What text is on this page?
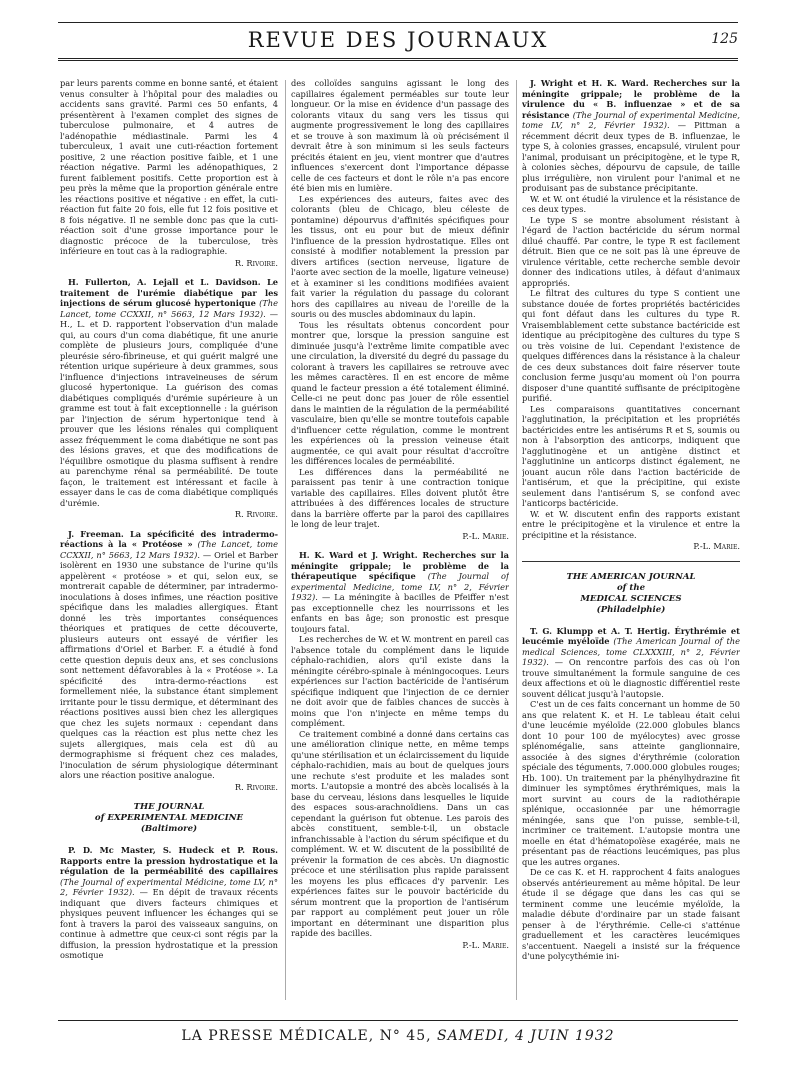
REVUE DES JOURNAUX	125

par leurs parents comme en bonne santé, et étaient venus consulter à l'hôpital pour des maladies ou accidents sans gravité. Parmi ces 50 enfants, 4 présentèrent à l'examen complet des signes de tuberculose pulmonaire, et 4 autres de l'adénopathie médiastinale. Parmi les 4 tuberculeux, 1 avait une cuti-réaction fortement positive, 2 une réaction positive faible, et 1 une réaction négative. Parmi les adénopathiques, 2 furent faiblement positifs. Cette proportion est à peu près la même que la proportion générale entre les réactions positive et négative : en effet, la cuti-réaction fut faite 20 fois, elle fut 12 fois positive et 8 fois négative. Il ne semble donc pas que la cuti-réaction soit d'une grosse importance pour le diagnostic précoce de la tuberculose, très inférieure en tout cas à la radiographie.

R. Rivoire.

H. Fullerton, A. Lejall et L. Davidson. Le traitement de l'urémie diabétique par les injections de sérum glucosé hypertonique (The Lancet, tome CCXXII, n° 5663, 12 Mars 1932). — H., L. et D. rapportent l'observation d'un malade qui, au cours d'un coma diabétique, fit une anurie complète de plusieurs jours, compliquée d'une pleurésie séro-fibrineuse, et qui guérit malgré une rétention urique supérieure à deux grammes, sous l'influence d'injections intraveineuses de sérum glucosé hypertonique. La guérison des comas diabétiques compliqués d'urémie supérieure à un gramme est tout à fait exceptionnelle : la guérison par l'injection de sérum hypertonique tend à prouver que les lésions rénales qui compliquent assez fréquemment le coma diabétique ne sont pas des lésions graves, et que des modifications de l'équilibre osmotique du plasma suffisent à rendre au parenchyme rénal sa perméabilité. De toute façon, le traitement est intéressant et facile à essayer dans le cas de coma diabétique compliqués d'urémie.

R. Rivoire.

J. Freeman. La spécificité des intradermo-réactions à la « Protéose » (The Lancet, tome CCXXII, n° 5663, 12 Mars 1932). — Oriel et Barber isolèrent en 1930 une substance de l'urine qu'ils appelèrent « protéose » et qui, selon eux, se montrerait capable de déterminer, par intradermo-inoculations à doses infimes, une réaction positive spécifique dans les maladies allergiques. Étant donné les très importantes conséquences théoriques et pratiques de cette découverte, plusieurs auteurs ont essayé de vérifier les affirmations d'Oriel et Barber. F. a étudié à fond cette question depuis deux ans, et ses conclusions sont nettement défavorables à la « Protéose ». La spécificité des intra-dermo-réactions est formellement niée, la substance étant simplement irritante pour le tissu dermique, et déterminant des réactions positives aussi bien chez les allergiques que chez les sujets normaux : cependant dans quelques cas la réaction est plus nette chez les sujets allergiques, mais cela est dû au dermographisme si fréquent chez ces malades, l'inoculation de sérum physiologique déterminant alors une réaction positive analogue.

R. Rivoire.
THE JOURNAL
of EXPERIMENTAL MEDICINE
(Baltimore)

P. D. Mc Master, S. Hudeck et P. Rous. Rapports entre la pression hydrostatique et la régulation de la perméabilité des capillaires (The Journal of experimental Médicine, tome LV, n° 2, Février 1932). — En dépit de travaux récents indiquant que divers facteurs chimiques et physiques peuvent influencer les échanges qui se font à travers la paroi des vaisseaux sanguins, on continue à admettre que ceux-ci sont régis par la diffusion, la pression hydrostatique et la pression osmotique

des colloïdes sanguins agissant le long des capillaires également perméables sur toute leur longueur. Or la mise en évidence d'un passage des colorants vitaux du sang vers les tissus qui augmente progressivement le long des capillaires et se trouve à son maximum là où précisément il devrait être à son minimum si les seuls facteurs précités étaient en jeu, vient montrer que d'autres influences s'exercent dont l'importance dépasse celle de ces facteurs et dont le rôle n'a pas encore été bien mis en lumière.

Les expériences des auteurs, faites avec des colorants (bleu de Chicago, bleu céleste de pontamine) dépourvus d'affinités spécifiques pour les tissus, ont eu pour but de mieux définir l'influence de la pression hydrostatique. Elles ont consisté à modifier notablement la pression par divers artifices (section nerveuse, ligature de l'aorte avec section de la moelle, ligature veineuse) et à examiner si les conditions modifiées avaient fait varier la régulation du passage du colorant hors des capillaires au niveau de l'oreille de la souris ou des muscles abdominaux du lapin.

Tous les résultats obtenus concordent pour montrer que, lorsque la pression sanguine est diminuée jusqu'à l'extrême limite compatible avec une circulation, la diversité du degré du passage du colorant à travers les capillaires se retrouve avec les mêmes caractères. Il en est encore de même quand le facteur pression a été totalement éliminé. Celle-ci ne peut donc pas jouer de rôle essentiel dans le maintien de la régulation de la perméabilité vasculaire, bien qu'elle se montre toutefois capable d'influencer cette régulation, comme le montrent les expériences où la pression veineuse était augmentée, ce qui avait pour résultat d'accroître les différences locales de perméabilité.

Les différences dans la perméabilité ne paraissent pas tenir à une contraction tonique variable des capillaires. Elles doivent plutôt être attribuées à des différences locales de structure dans la barrière offerte par la paroi des capillaires le long de leur trajet.

P.-L. Marie.

H. K. Ward et J. Wright. Recherches sur la méningite grippale; le problème de la thérapeutique spécifique (The Journal of experimental Medicine, tome LV, n° 2, Février 1932). — La méningite à bacilles de Pfeiffer n'est pas exceptionnelle chez les nourrissons et les enfants en bas âge; son pronostic est presque toujours fatal.

Les recherches de W. et W. montrent en pareil cas l'absence totale du complément dans le liquide céphalo-rachidien, alors qu'il existe dans la méningite cérébro-spinale à méningocoques. Leurs expériences sur l'action bactéricide de l'antisérum spécifique indiquent que l'injection de ce dernier ne doit avoir que de faibles chances de succès à moins que l'on n'injecte en même temps du complément.

Ce traitement combiné a donné dans certains cas une amélioration clinique nette, en même temps qu'une stérilisation et un éclaircissement du liquide céphalo-rachidien, mais au bout de quelques jours une rechute s'est produite et les malades sont morts. L'autopsie a montré des abcès localisés à la base du cerveau, lésions dans lesquelles le liquide des espaces sous-arachnoïdiens. Dans un cas cependant la guérison fut obtenue. Les parois des abcès constituent, semble-t-il, un obstacle infranchissable à l'action du sérum spécifique et du complément. W. et W. discutent de la possibilité de prévenir la formation de ces abcès. Un diagnostic précoce et une stérilisation plus rapide paraissent les moyens les plus efficaces d'y parvenir. Les expériences faites sur le pouvoir bactéricide du sérum montrent que la proportion de l'antisérum par rapport au complément peut jouer un rôle important en déterminant une disparition plus rapide des bacilles.

P.-L. Marie.

J. Wright et H. K. Ward. Recherches sur la méningite grippale; le problème de la virulence du « B. influenzae » et de sa résistance (The Journal of experimental Medicine, tome LV, n° 2, Février 1932). — Pittman a récemment décrit deux types de B. influenzae, le type S, à colonies grasses, encapsulé, virulent pour l'animal, produisant un précipitogène, et le type R, à colonies sèches, dépourvu de capsule, de taille plus irrégulière, non virulent pour l'animal et ne produisant pas de substance précipitante.

W. et W. ont étudié la virulence et la résistance de ces deux types.

Le type S se montre absolument résistant à l'égard de l'action bactéricide du sérum normal dilué chauffé. Par contre, le type R est facilement détruit. Bien que ce ne soit pas là une épreuve de virulence véritable, cette recherche semble devoir donner des indications utiles, à défaut d'animaux appropriés.

Le filtrat des cultures du type S contient une substance douée de fortes propriétés bactéricides qui font défaut dans les cultures du type R. Vraisemblablement cette substance bactéricide est identique au précipitogène des cultures du type S ou très voisine de lui. Cependant l'existence de quelques différences dans la résistance à la chaleur de ces deux substances doit faire réserver toute conclusion ferme jusqu'au moment où l'on pourra disposer d'une quantité suffisante de précipitogène purifié.

Les comparaisons quantitatives concernant l'agglutination, la précipitation et les propriétés bactéricides entre les antisérums R et S, soumis ou non à l'absorption des anticorps, indiquent que l'agglutinogène et un antigène distinct et l'agglutinine un anticorps distinct également, ne jouant aucun rôle dans l'action bactéricide de l'antisérum, et que la précipitine, qui existe seulement dans l'antisérum S, se confond avec l'anticorps bactéricide.

W. et W. discutent enfin des rapports existant entre le précipitogène et la virulence et entre la précipitine et la résistance.

P.-L. Marie.
THE AMERICAN JOURNAL
of the
MEDICAL SCIENCES
(Philadelphie)

T. G. Klumpp et A. T. Hertig. Érythrémie et leucémie myéloïde (The American Journal of the medical Sciences, tome CLXXXIII, n° 2, Février 1932). — On rencontre parfois des cas où l'on trouve simultanément la formule sanguine de ces deux affections et où le diagnostic différentiel reste souvent délicat jusqu'à l'autopsie.

C'est un de ces faits concernant un homme de 50 ans que relatent K. et H. Le tableau était celui d'une leucémie myéloïde (22.000 globules blancs dont 10 pour 100 de myélocytes) avec grosse splénomégalie, sans atteinte ganglionnaire, associée à des signes d'érythrémie (coloration spéciale des téguments, 7.000.000 globules rouges; Hb. 100). Un traitement par la phénylhydrazine fit diminuer les symptômes érythrémiques, mais la mort survint au cours de la radiothérapie splénique, occasionnée par une hémorragie méningée, sans que l'on puisse, semble-t-il, incriminer ce traitement. L'autopsie montra une moelle en état d'hématopoïèse exagérée, mais ne présentant pas de réactions leucémiques, pas plus que les autres organes.

De ce cas K. et H. rapprochent 4 faits analogues observés antérieurement au même hôpital. De leur étude il se dégage que dans les cas qui se terminent comme une leucémie myéloïde, la maladie débute d'ordinaire par un stade faisant penser à de l'érythrémie. Celle-ci s'atténue graduellement et les caractères leucémiques s'accentuent. Naegeli a insisté sur la fréquence d'une polycythémie ini-

LA PRESSE MÉDICALE, N° 45, SAMEDI, 4 JUIN 1932
